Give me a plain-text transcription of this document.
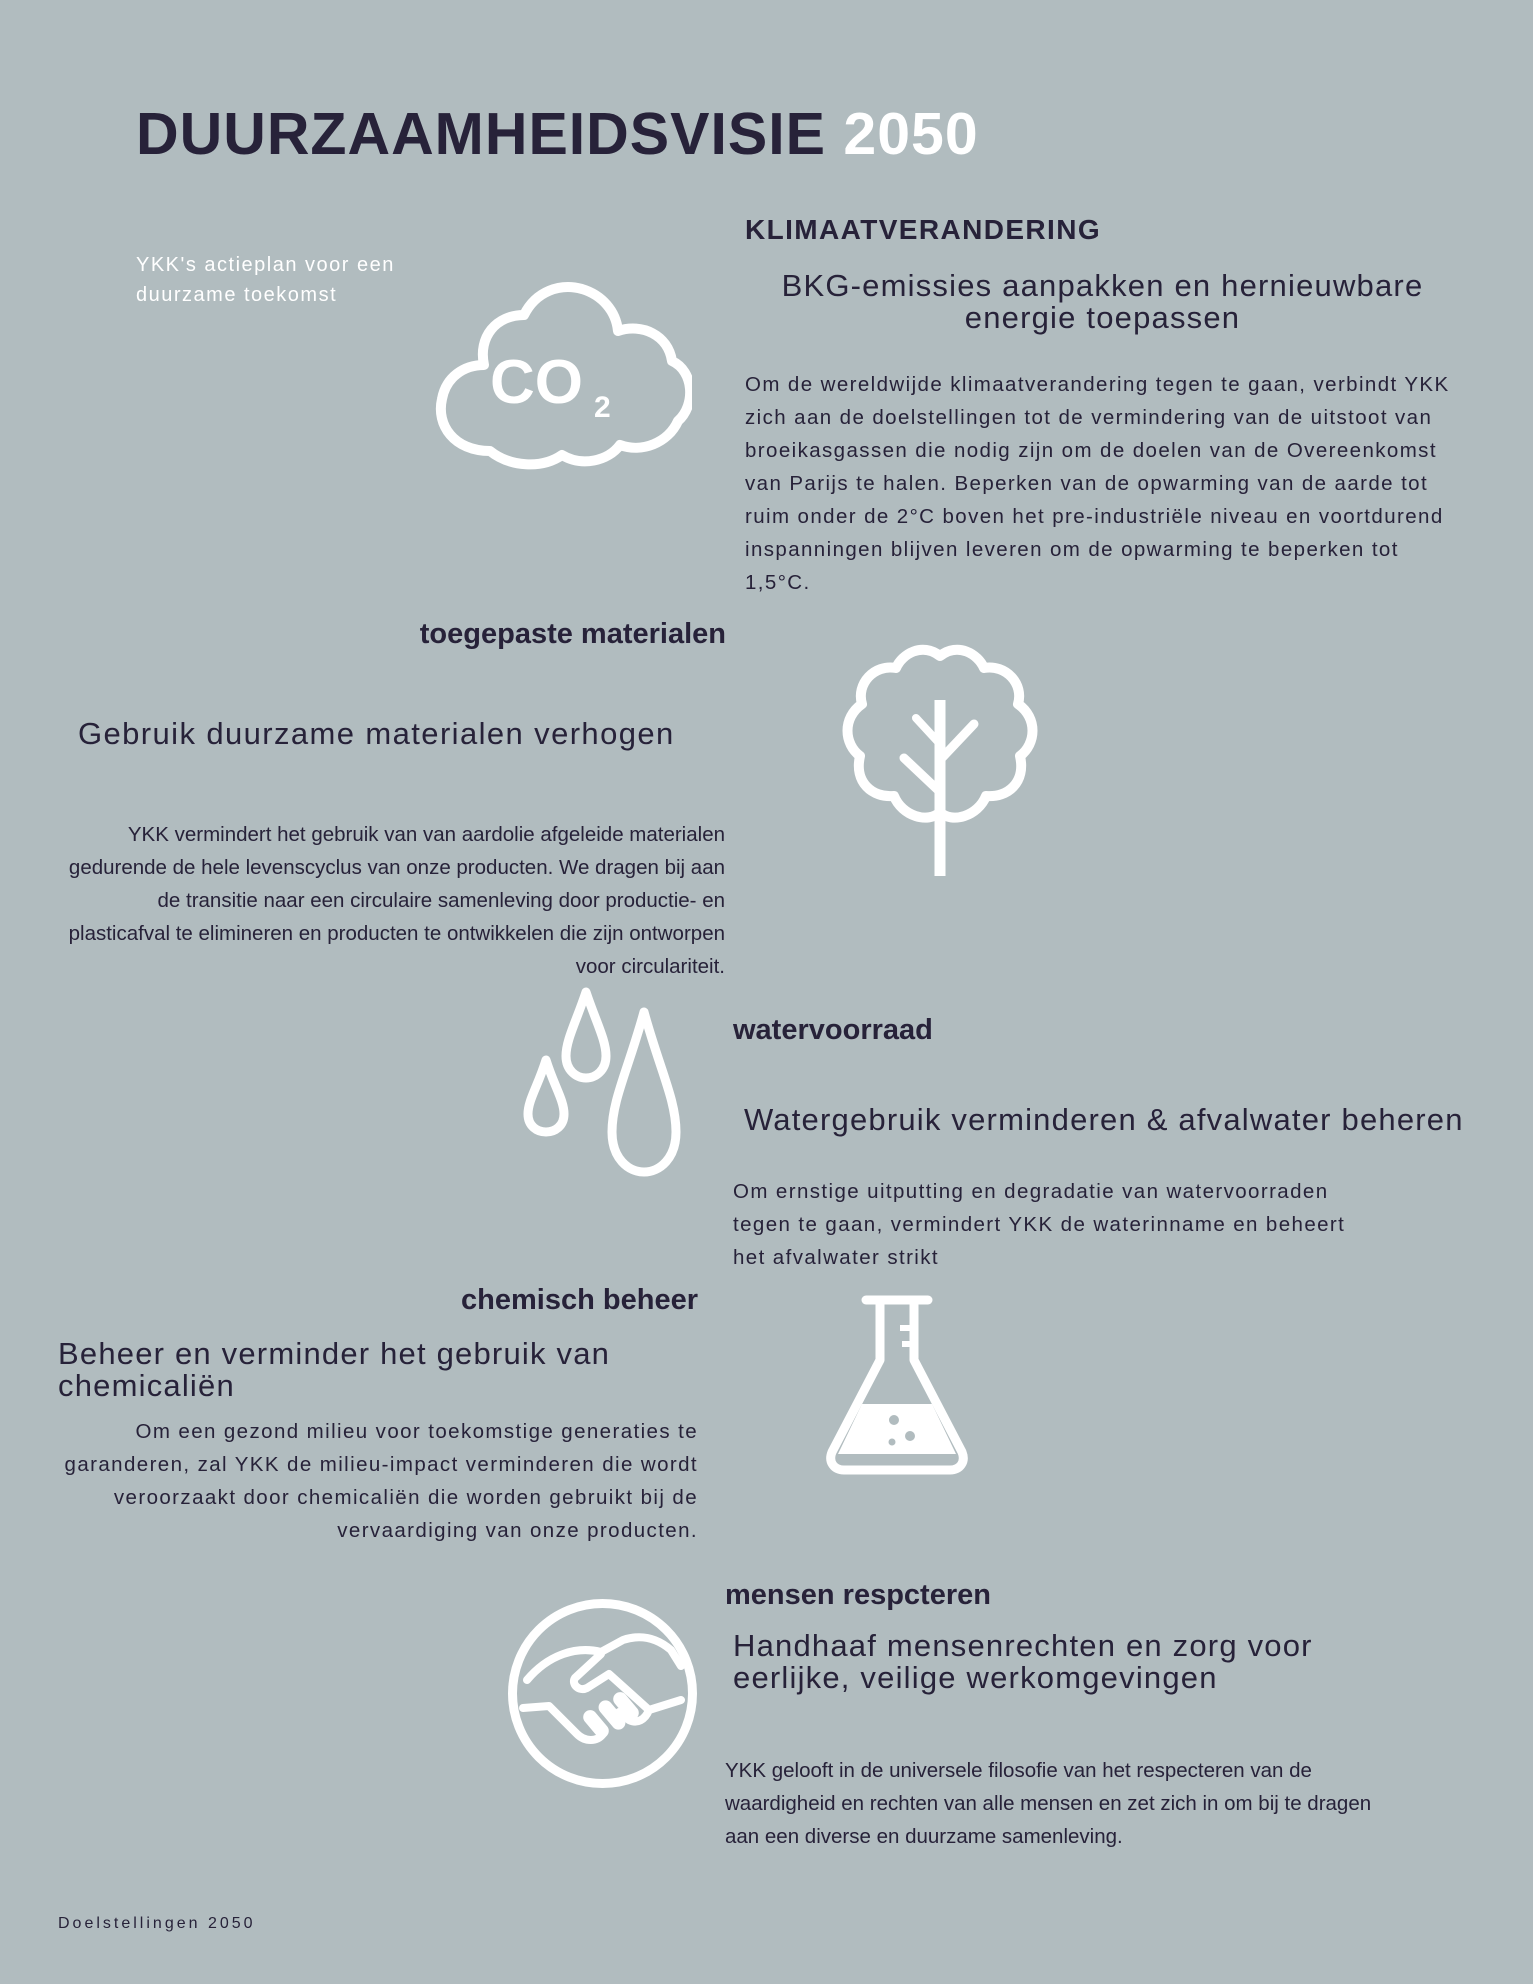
DUURZAAMHEIDSVISIE 2050
YKK's actieplan voor een duurzame toekomst
KLIMAATVERANDERING

BKG-emissies aanpakken en hernieuwbare energie toepassen

Om de wereldwijde klimaatverandering tegen te gaan, verbindt YKK zich aan de doelstellingen tot de vermindering van de uitstoot van broeikasgassen die nodig zijn om de doelen van de Overeenkomst van Parijs te halen. Beperken van de opwarming van de aarde tot ruim onder de 2°C boven het pre-industriële niveau en voortdurend inspanningen blijven leveren om de opwarming te beperken tot 1,5°C.

CO 2
toegepaste materialen

Gebruik duurzame materialen verhogen

YKK vermindert het gebruik van van aardolie afgeleide materialen gedurende de hele levenscyclus van onze producten. We dragen bij aan de transitie naar een circulaire samenleving door productie- en plasticafval te elimineren en producten te ontwikkelen die zijn ontworpen voor circulariteit.

watervoorraad

Watergebruik verminderen & afvalwater beheren

Om ernstige uitputting en degradatie van watervoorraden tegen te gaan, vermindert YKK de waterinname en beheert het afvalwater strikt

chemisch beheer

Beheer en verminder het gebruik van chemicaliën

Om een gezond milieu voor toekomstige generaties te garanderen, zal YKK de milieu-impact verminderen die wordt veroorzaakt door chemicaliën die worden gebruikt bij de vervaardiging van onze producten.

mensen respcteren

Handhaaf mensenrechten en zorg voor eerlijke, veilige werkomgevingen

YKK gelooft in de universele filosofie van het respecteren van de waardigheid en rechten van alle mensen en zet zich in om bij te dragen aan een diverse en duurzame samenleving.

Doelstellingen 2050
